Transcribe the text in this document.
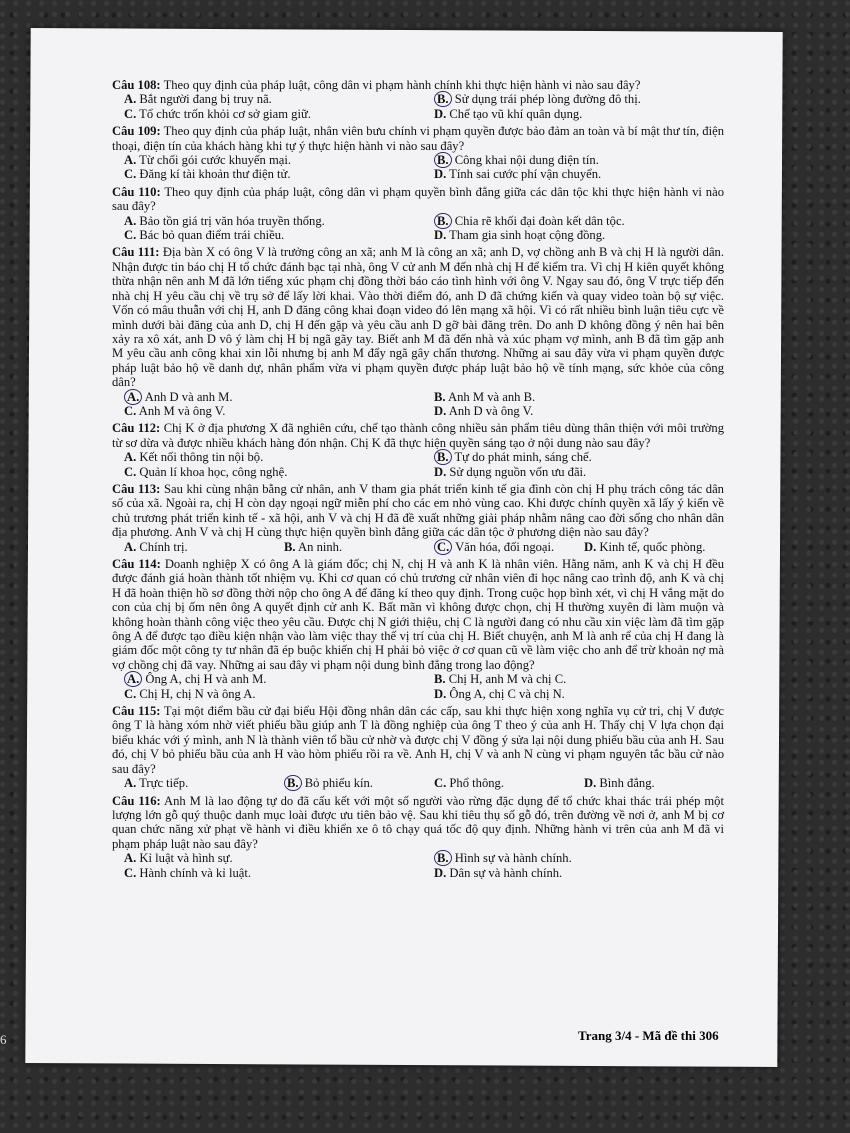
Câu 108: Theo quy định của pháp luật, công dân vi phạm hành chính khi thực hiện hành vi nào sau đây?
A. Bắt người đang bị truy nã.	B. Sử dụng trái phép lòng đường đô thị.
C. Tổ chức trốn khỏi cơ sở giam giữ.	D. Chế tạo vũ khí quân dụng.
Câu 109: Theo quy định của pháp luật, nhân viên bưu chính vi phạm quyền được bảo đảm an toàn và bí mật thư tín, điện thoại, điện tín của khách hàng khi tự ý thực hiện hành vi nào sau đây?
A. Từ chối gói cước khuyến mại.	B. Công khai nội dung điện tín.
C. Đăng kí tài khoản thư điện tử.	D. Tính sai cước phí vận chuyển.
Câu 110: Theo quy định của pháp luật, công dân vi phạm quyền bình đẳng giữa các dân tộc khi thực hiện hành vi nào sau đây?
A. Bảo tồn giá trị văn hóa truyền thống.	B. Chia rẽ khối đại đoàn kết dân tộc.
C. Bác bỏ quan điểm trái chiều.	D. Tham gia sinh hoạt cộng đồng.
Câu 111: Địa bàn X có ông V là trưởng công an xã; anh M là công an xã; anh D, vợ chồng anh B và chị H là người dân. Nhận được tin báo chị H tổ chức đánh bạc tại nhà, ông V cử anh M đến nhà chị H để kiểm tra. Vì chị H kiên quyết không thừa nhận nên anh M đã lớn tiếng xúc phạm chị đồng thời báo cáo tình hình với ông V. Ngay sau đó, ông V trực tiếp đến nhà chị H yêu cầu chị về trụ sở để lấy lời khai. Vào thời điểm đó, anh D đã chứng kiến và quay video toàn bộ sự việc. Vốn có mâu thuẫn với chị H, anh D đăng công khai đoạn video đó lên mạng xã hội. Vì có rất nhiều bình luận tiêu cực về mình dưới bài đăng của anh D, chị H đến gặp và yêu cầu anh D gỡ bài đăng trên. Do anh D không đồng ý nên hai bên xảy ra xô xát, anh D vô ý làm chị H bị ngã gãy tay. Biết anh M đã đến nhà và xúc phạm vợ mình, anh B đã tìm gặp anh M yêu cầu anh công khai xin lỗi nhưng bị anh M đẩy ngã gây chấn thương. Những ai sau đây vừa vi phạm quyền được pháp luật bảo hộ về danh dự, nhân phẩm vừa vi phạm quyền được pháp luật bảo hộ về tính mạng, sức khỏe của công dân?
A. Anh D và anh M.	B. Anh M và anh B.
C. Anh M và ông V.	D. Anh D và ông V.
Câu 112: Chị K ở địa phương X đã nghiên cứu, chế tạo thành công nhiều sản phẩm tiêu dùng thân thiện với môi trường từ sơ dừa và được nhiều khách hàng đón nhận. Chị K đã thực hiện quyền sáng tạo ở nội dung nào sau đây?
A. Kết nối thông tin nội bộ.	B. Tự do phát minh, sáng chế.
C. Quản lí khoa học, công nghệ.	D. Sử dụng nguồn vốn ưu đãi.
Câu 113: Sau khi cùng nhận bằng cử nhân, anh V tham gia phát triển kinh tế gia đình còn chị H phụ trách công tác dân số của xã. Ngoài ra, chị H còn dạy ngoại ngữ miễn phí cho các em nhỏ vùng cao. Khi được chính quyền xã lấy ý kiến về chủ trương phát triển kinh tế - xã hội, anh V và chị H đã đề xuất những giải pháp nhằm nâng cao đời sống cho nhân dân địa phương. Anh V và chị H cùng thực hiện quyền bình đẳng giữa các dân tộc ở phương diện nào sau đây?
A. Chính trị.	B. An ninh.	C. Văn hóa, đối ngoại.	D. Kinh tế, quốc phòng.
Câu 114: Doanh nghiệp X có ông A là giám đốc; chị N, chị H và anh K là nhân viên. Hằng năm, anh K và chị H đều được đánh giá hoàn thành tốt nhiệm vụ. Khi cơ quan có chủ trương cử nhân viên đi học nâng cao trình độ, anh K và chị H đã hoàn thiện hồ sơ đồng thời nộp cho ông A để đăng kí theo quy định. Trong cuộc họp bình xét, vì chị H vắng mặt do con của chị bị ốm nên ông A quyết định cử anh K. Bất mãn vì không được chọn, chị H thường xuyên đi làm muộn và không hoàn thành công việc theo yêu cầu. Được chị N giới thiệu, chị C là người đang có nhu cầu xin việc làm đã tìm gặp ông A để được tạo điều kiện nhận vào làm việc thay thế vị trí của chị H. Biết chuyện, anh M là anh rể của chị H đang là giám đốc một công ty tư nhân đã ép buộc khiến chị H phải bỏ việc ở cơ quan cũ về làm việc cho anh để trừ khoản nợ mà vợ chồng chị đã vay. Những ai sau đây vi phạm nội dung bình đẳng trong lao động?
A. Ông A, chị H và anh M.	B. Chị H, anh M và chị C.
C. Chị H, chị N và ông A.	D. Ông A, chị C và chị N.
Câu 115: Tại một điểm bầu cử đại biểu Hội đồng nhân dân các cấp, sau khi thực hiện xong nghĩa vụ cử tri, chị V được ông T là hàng xóm nhờ viết phiếu bầu giúp anh T là đồng nghiệp của ông T theo ý của anh H. Thấy chị V lựa chọn đại biểu khác với ý mình, anh N là thành viên tổ bầu cử nhờ và được chị V đồng ý sửa lại nội dung phiếu bầu của anh H. Sau đó, chị V bỏ phiếu bầu của anh H vào hòm phiếu rồi ra về. Anh H, chị V và anh N cùng vi phạm nguyên tắc bầu cử nào sau đây?
A. Trực tiếp.	B. Bỏ phiếu kín.	C. Phổ thông.	D. Bình đẳng.
Câu 116: Anh M là lao động tự do đã cấu kết với một số người vào rừng đặc dụng để tổ chức khai thác trái phép một lượng lớn gỗ quý thuộc danh mục loài được ưu tiên bảo vệ. Sau khi tiêu thụ số gỗ đó, trên đường về nơi ở, anh M bị cơ quan chức năng xử phạt về hành vi điều khiển xe ô tô chạy quá tốc độ quy định. Những hành vi trên của anh M đã vi phạm pháp luật nào sau đây?
A. Kỉ luật và hình sự.	B. Hình sự và hành chính.
C. Hành chính và kỉ luật.	D. Dân sự và hành chính.
Trang 3/4 - Mã đề thi 306
6
